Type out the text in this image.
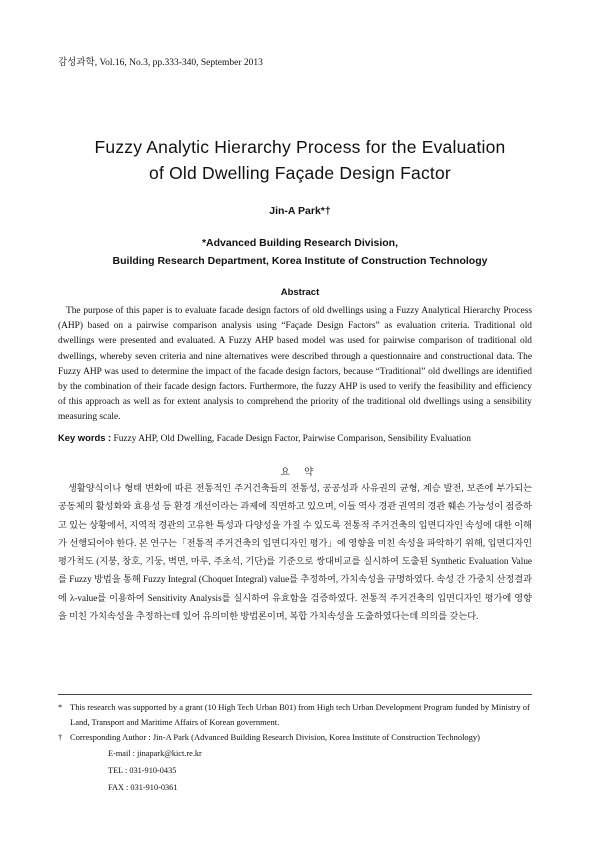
감성과학, Vol.16, No.3, pp.333-340, September 2013
Fuzzy Analytic Hierarchy Process for the Evaluation
of Old Dwelling Façade Design Factor
Jin-A Park*†
*Advanced Building Research Division,
Building Research Department, Korea Institute of Construction Technology
Abstract

The purpose of this paper is to evaluate facade design factors of old dwellings using a Fuzzy Analytical Hierarchy Process (AHP) based on a pairwise comparison analysis using “Façade Design Factors” as evaluation criteria. Traditional old dwellings were presented and evaluated. A Fuzzy AHP based model was used for pairwise comparison of traditional old dwellings, whereby seven criteria and nine alternatives were described through a questionnaire and constructional data. The Fuzzy AHP was used to determine the impact of the facade design factors, because “Traditional” old dwellings are identified by the combination of their facade design factors. Furthermore, the fuzzy AHP is used to verify the feasibility and efficiency of this approach as well as for extent analysis to comprehend the priority of the traditional old dwellings using a sensibility measuring scale.

Key words : Fuzzy AHP, Old Dwelling, Facade Design Factor, Pairwise Comparison, Sensibility Evaluation
요 약

생활양식이나 형태 변화에 따른 전통적인 주거건축들의 전통성, 공공성과 사유권의 균형, 계승 발전, 보존에 부가되는 공동체의 활성화와 효용성 등 환경 개선이라는 과제에 직면하고 있으며, 이들 역사 경관 권역의 경관 훼손 가능성이 점증하고 있는 상황에서, 지역적 경관의 고유한 특성과 다양성을 가질 수 있도록 전통적 주거건축의 입면디자인 속성에 대한 이해가 선행되어야 한다. 본 연구는「전통적 주거건축의 입면디자인 평가」에 영향을 미친 속성을 파악하기 위해, 입면디자인 평가척도 (지붕, 창호, 기둥, 벽면, 마루, 주초석, 기단)를 기준으로 쌍대비교를 실시하여 도출된 Synthetic Evaluation Value를 Fuzzy 방법을 통해 Fuzzy Integral (Choquet Integral) value를 추정하여, 가치속성을 규명하였다. 속성 간 가중치 산정결과에 λ-value를 이용하여 Sensitivity Analysis를 실시하여 유효함을 검증하였다. 전통적 주거건축의 입면디자인 평가에 영향을 미친 가치속성을 추정하는데 있어 유의미한 방법론이며, 복합 가치속성을 도출하였다는데 의의를 갖는다.

* This research was supported by a grant (10 High Tech Urban B01) from High tech Urban Development Program funded by Ministry of Land, Transport and Maritime Affairs of Korean government.
† Corresponding Author : Jin-A Park (Advanced Building Research Division, Korea Institute of Construction Technology)
E-mail : jinapark@kict.re.kr
TEL : 031-910-0435
FAX : 031-910-0361
